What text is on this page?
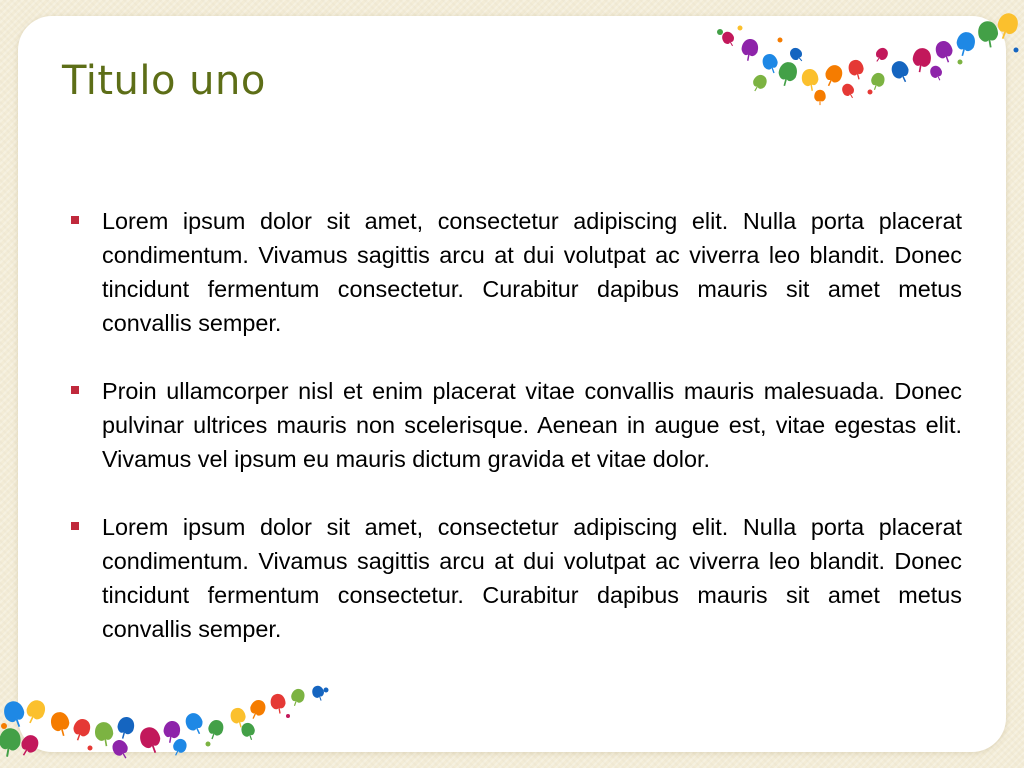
Titulo uno
Lorem ipsum dolor sit amet, consectetur adipiscing elit. Nulla porta placerat condimentum. Vivamus sagittis arcu at dui volutpat ac viverra leo blandit. Donec tincidunt fermentum consectetur. Curabitur dapibus mauris sit amet metus convallis semper.
Proin ullamcorper nisl et enim placerat vitae convallis mauris malesuada. Donec pulvinar ultrices mauris non scelerisque. Aenean in augue est, vitae egestas elit. Vivamus vel ipsum eu mauris dictum gravida et vitae dolor.
Lorem ipsum dolor sit amet, consectetur adipiscing elit. Nulla porta placerat condimentum. Vivamus sagittis arcu at dui volutpat ac viverra leo blandit. Donec tincidunt fermentum consectetur. Curabitur dapibus mauris sit amet metus convallis semper.
